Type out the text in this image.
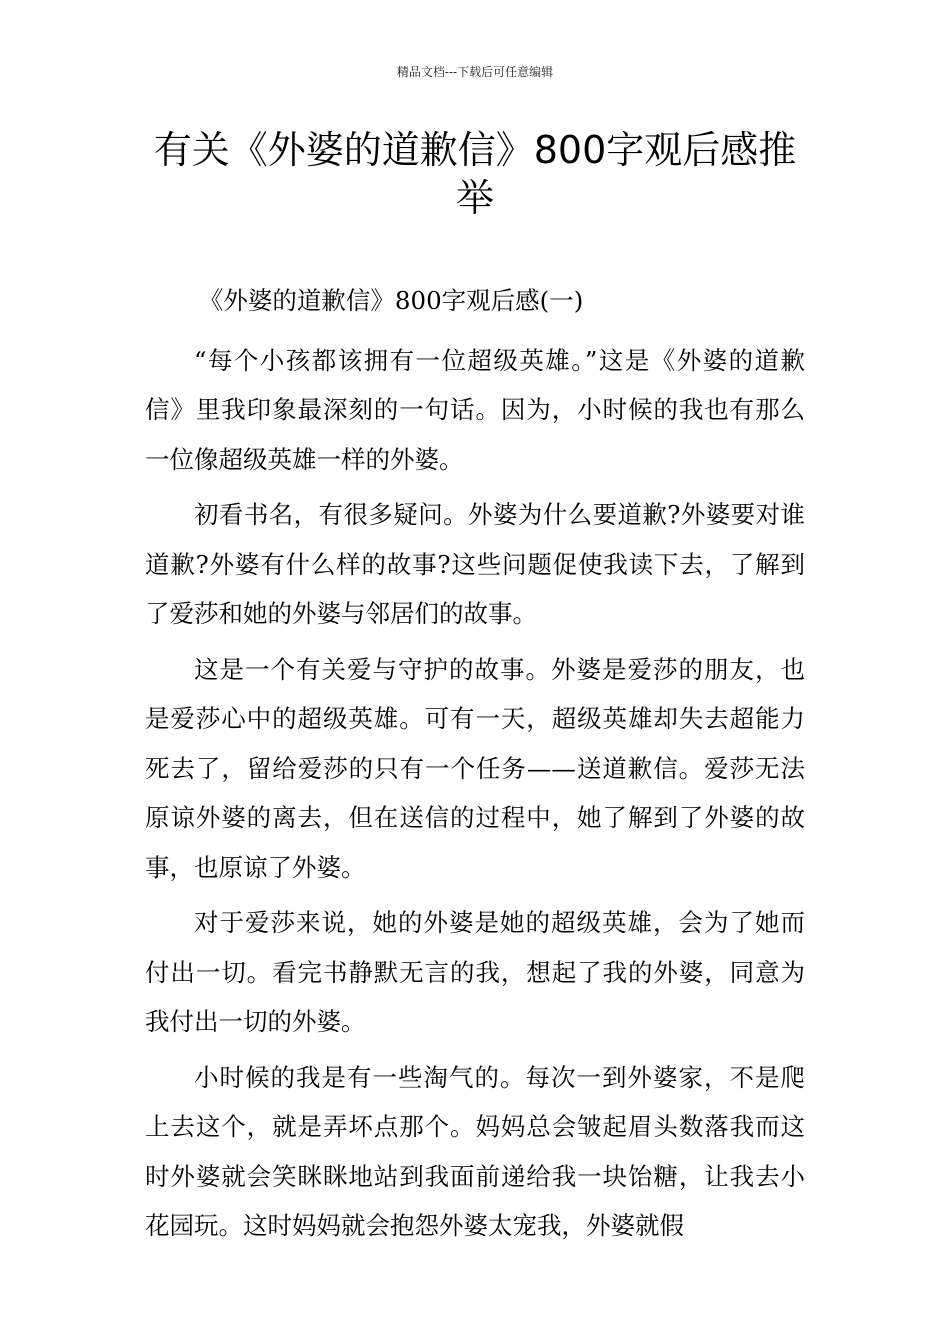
精品文档---下载后可任意编辑
有关《外婆的道歉信》800字观后感推举

《外婆的道歉信》800字观后感(一)

“每个小孩都该拥有一位超级英雄。”这是《外婆的道歉信》里我印象最深刻的一句话。因为，小时候的我也有那么一位像超级英雄一样的外婆。

初看书名，有很多疑问。外婆为什么要道歉?外婆要对谁道歉?外婆有什么样的故事?这些问题促使我读下去，了解到了爱莎和她的外婆与邻居们的故事。

这是一个有关爱与守护的故事。外婆是爱莎的朋友，也是爱莎心中的超级英雄。可有一天，超级英雄却失去超能力死去了，留给爱莎的只有一个任务——送道歉信。爱莎无法原谅外婆的离去，但在送信的过程中，她了解到了外婆的故事，也原谅了外婆。

对于爱莎来说，她的外婆是她的超级英雄，会为了她而付出一切。看完书静默无言的我，想起了我的外婆，同意为我付出一切的外婆。

小时候的我是有一些淘气的。每次一到外婆家，不是爬上去这个，就是弄坏点那个。妈妈总会皱起眉头数落我而这时外婆就会笑眯眯地站到我面前递给我一块饴糖，让我去小花园玩。这时妈妈就会抱怨外婆太宠我，外婆就假
